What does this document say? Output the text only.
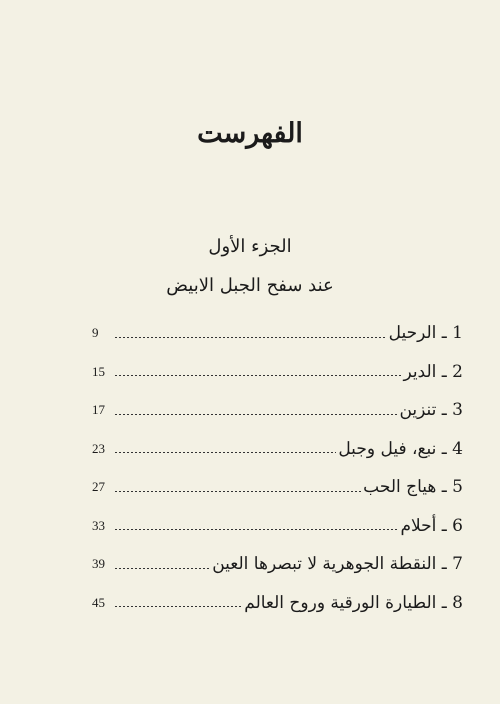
الفهرست
الجزء الأول
عند سفح الجبل الابيض
9	1 ـ الرحيل
15	2 ـ الدير
17	3 ـ تنزين
23	4 ـ نبع، فيل وجبل
27	5 ـ هياج الحب
33	6 ـ أحلام
39	7 ـ النقطة الجوهرية لا تبصرها العين
45	8 ـ الطيارة الورقية وروح العالم
